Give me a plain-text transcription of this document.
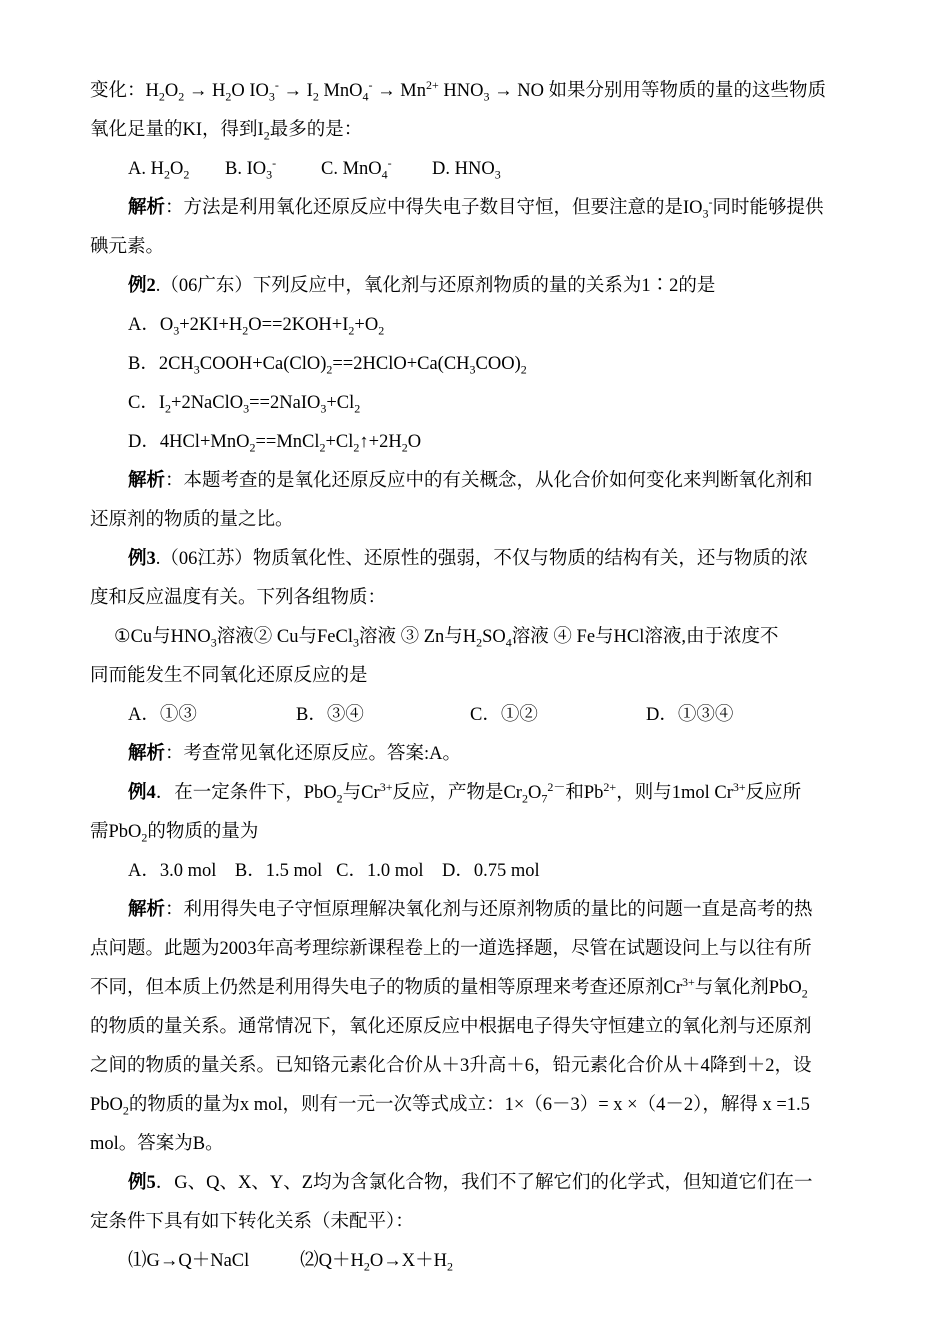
变化：$H_2O_2 \to H_2O$ $IO_3^- \to I_2$ $MnO_4^- \to Mn^{2+}$ $HNO_3$ → NO 如果分别用等物质的量的这些物质
氧化足量的KI，得到$I_2$最多的是：
A. $H_2O_2$ B. $IO_3^-$ C. MnO$_4$- D. $HNO_3$
解析：方法是利用氧化还原反应中得失电子数目守恒，但要注意的是$IO_3^-$同时能够提供
碘元素。
例2.（06广东）下列反应中，氧化剂与还原剂物质的量的关系为1∶2的是
A．$O_3+2KI+H_2O==2KOH+I_2+O_2$
B．$2CH_3COOH+Ca(ClO)_2==2HClO+Ca(CH_3COO)_2$
C．$I_2+2NaClO_3==2NaIO_3+Cl_2$
D．$4HCl+MnO_2==MnCl_2+Cl_2↑+2H_2O$
解析：本题考查的是氧化还原反应中的有关概念，从化合价如何变化来判断氧化剂和
还原剂的物质的量之比。
例3.（06江苏）物质氧化性、还原性的强弱，不仅与物质的结构有关，还与物质的浓
度和反应温度有关。下列各组物质：
①Cu与$HNO_3$溶液② Cu与FeCl$_3$溶液 ③ Zn与$H_2SO_4$溶液 ④ Fe与HCl溶液,由于浓度不
同而能发生不同氧化还原反应的是
A．①③	B．③④	C．①②	D．①③④
解析：考查常见氧化还原反应。答案:A。
例4．在一定条件下，PbO$_2$与$Cr^{3+}$反应，产物是$Cr_2O_7^{2-}$和$Pb^{2+}$，则与1mol $Cr^{3+}$反应所
需PbO$_2$的物质的量为
A．3.0 mol    B．1.5 mol   C．1.0 mol    D．0.75 mol
解析：利用得失电子守恒原理解决氧化剂与还原剂物质的量比的问题一直是高考的热
点问题。此题为2003年高考理综新课程卷上的一道选择题，尽管在试题设问上与以往有所
不同，但本质上仍然是利用得失电子的物质的量相等原理来考查还原剂$Cr^{3+}$与氧化剂PbO$_2$
的物质的量关系。通常情况下，氧化还原反应中根据电子得失守恒建立的氧化剂与还原剂
之间的物质的量关系。已知铬元素化合价从＋3升高＋6，铅元素化合价从＋4降到＋2，设
PbO$_2$的物质的量为x mol，则有一元一次等式成立：1×（6－3）= x ×（4－2），解得 x =1.5
mol。答案为B。
例5．G、Q、X、Y、Z均为含氯化合物，我们不了解它们的化学式，但知道它们在一
定条件下具有如下转化关系（未配平）：
⑴G→Q＋NaCl           $⑵Q+H_2O\to X+H_2$
